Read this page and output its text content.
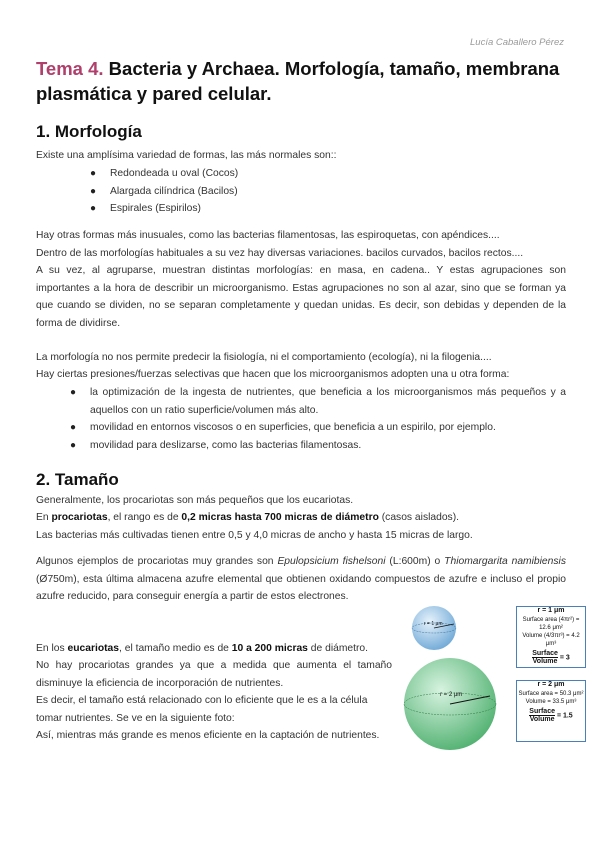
Lucía Caballero Pérez
Tema 4. Bacteria y Archaea. Morfología, tamaño, membrana plasmática y pared celular.
1. Morfología
Existe una amplísima variedad de formas, las más normales son::
● Redondeada u oval (Cocos)
● Alargada cilíndrica (Bacilos)
● Espirales (Espirilos)
Hay otras formas más inusuales, como las bacterias filamentosas, las espiroquetas, con apéndices....
Dentro de las morfologías habituales a su vez hay diversas variaciones. bacilos curvados, bacilos rectos....
A su vez, al agruparse, muestran distintas morfologías: en masa, en cadena.. Y estas agrupaciones son importantes a la hora de describir un microorganismo. Estas agrupaciones no son al azar, sino que se forman ya que cuando se dividen, no se separan completamente y quedan unidas. Es decir, son debidas y dependen de la forma de dividirse.
La morfología no nos permite predecir la fisiología, ni el comportamiento (ecología), ni la filogenia....
Hay ciertas presiones/fuerzas selectivas que hacen que los microorganismos adopten una u otra forma:
● la optimización de la ingesta de nutrientes, que beneficia a los microorganismos más pequeños y a aquellos con un ratio superficie/volumen más alto.
● movilidad en entornos viscosos o en superficies, que beneficia a un espirilo, por ejemplo.
● movilidad para deslizarse, como las bacterias filamentosas.
2. Tamaño
Generalmente, los procariotas son más pequeños que los eucariotas.
En procariotas, el rango es de 0,2 micras hasta 700 micras de diámetro (casos aislados).
Las bacterias más cultivadas tienen entre 0,5 y 4,0 micras de ancho y hasta 15 micras de largo.
Algunos ejemplos de procariotas muy grandes son Epulopsicium fishelsoni (L:600m) o Thiomargarita namibiensis (Ø750m), esta última almacena azufre elemental que obtienen oxidando compuestos de azufre e incluso el propio azufre reducido, para conseguir energía a partir de estos electrones.
En los eucariotas, el tamaño medio es de 10 a 200 micras de diámetro.
No hay procariotas grandes ya que a medida que aumenta el tamaño disminuye la eficiencia de incorporación de nutrientes.
Es decir, el tamaño está relacionado con lo eficiente que le es a la célula tomar nutrientes. Se ve en la siguiente foto:
Así, mientras más grande es menos eficiente en la captación de nutrientes.
r = 1 μm
r = 2 μm
r = 1 μm
Surface area (4πr²) = 12.6 μm²
Volume (4/3πr³) = 4.2 μm³
$\frac{\text{Surface}}{\text{Volume}} = 3$
r = 2 μm
Surface area = 50.3 μm²
Volume = 33.5 μm³
$\frac{\text{Surface}}{\text{Volume}} = 1.5$
